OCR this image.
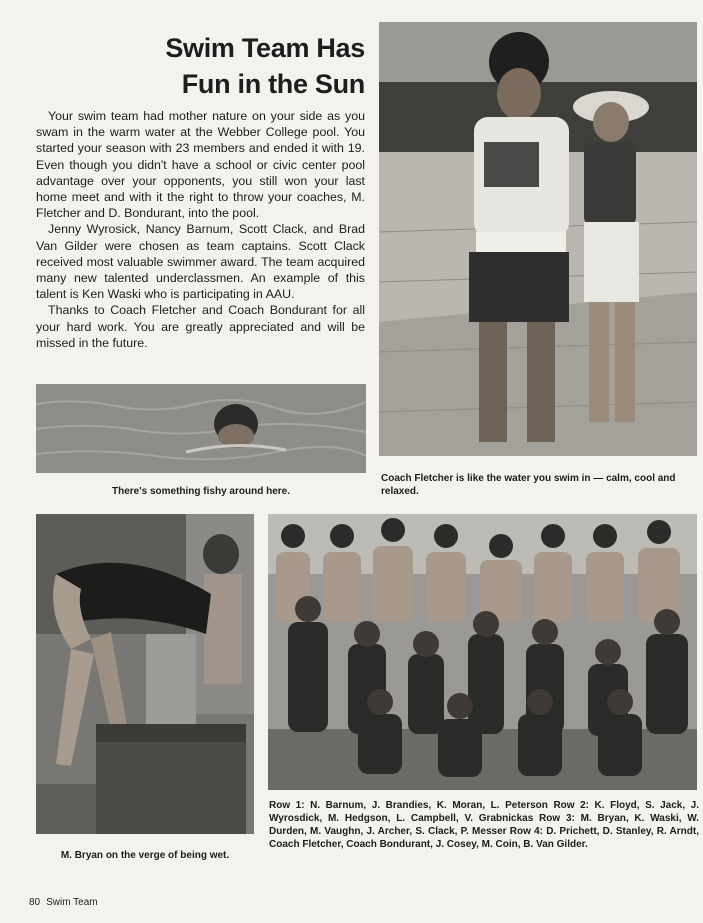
Swim Team Has
Fun in the Sun

Your swim team had mother nature on your side as you swam in the warm water at the Webber College pool. You started your season with 23 members and ended it with 19. Even though you didn't have a school or civic center pool advantage over your opponents, you still won your last home meet and with it the right to throw your coaches, M. Fletcher and D. Bondurant, into the pool.

Jenny Wyrosick, Nancy Barnum, Scott Clack, and Brad Van Gilder were chosen as team captains. Scott Clack received most valuable swimmer award. The team acquired many new talented underclassmen. An example of this talent is Ken Waski who is participating in AAU.

Thanks to Coach Fletcher and Coach Bondurant for all your hard work. You are greatly appreciated and will be missed in the future.

There's something fishy around here.
Coach Fletcher is like the water you swim in — calm, cool and relaxed.
M. Bryan on the verge of being wet.
Row 1: N. Barnum, J. Brandies, K. Moran, L. Peterson Row 2: K. Floyd, S. Jack, J. Wyrosdick, M. Hedgson, L. Campbell, V. Grabnickas Row 3: M. Bryan, K. Waski, W. Durden, M. Vaughn, J. Archer, S. Clack, P. Messer Row 4: D. Prichett, D. Stanley, R. Arndt, Coach Fletcher, Coach Bondurant, J. Cosey, M. Coin, B. Van Gilder.
80 Swim Team
